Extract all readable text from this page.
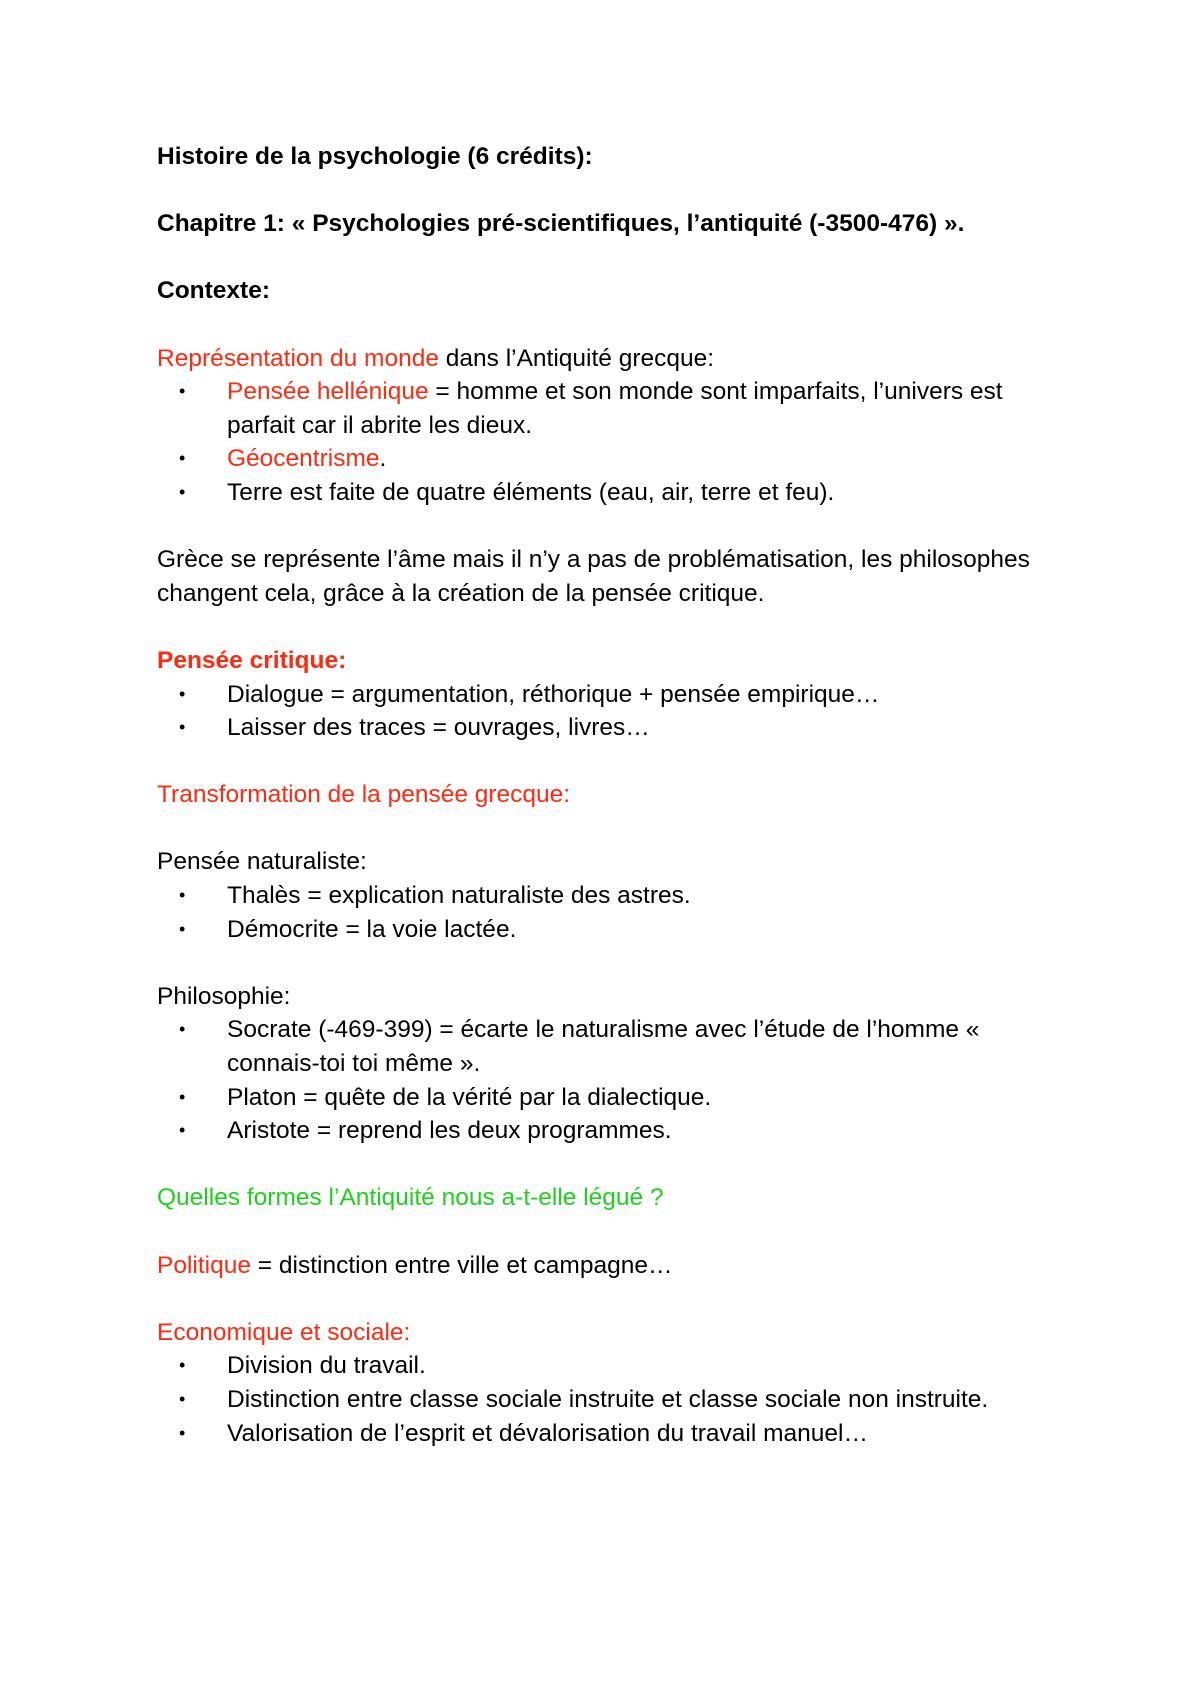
Histoire de la psychologie (6 crédits):

Chapitre 1: « Psychologies pré-scientifiques, l’antiquité (-3500-476) ».

Contexte:

Représentation du monde dans l’Antiquité grecque:

• Pensée hellénique = homme et son monde sont imparfaits, l’univers est parfait car il abrite les dieux.
• Géocentrisme.
• Terre est faite de quatre éléments (eau, air, terre et feu).

Grèce se représente l’âme mais il n’y a pas de problématisation, les philosophes changent cela, grâce à la création de la pensée critique.

Pensée critique:

• Dialogue = argumentation, réthorique + pensée empirique…
• Laisser des traces = ouvrages, livres…

Transformation de la pensée grecque:

Pensée naturaliste:

• Thalès = explication naturaliste des astres.
• Démocrite = la voie lactée.

Philosophie:

• Socrate (-469-399) = écarte le naturalisme avec l’étude de l’homme « connais-toi toi même ».
• Platon = quête de la vérité par la dialectique.
• Aristote = reprend les deux programmes.

Quelles formes l’Antiquité nous a-t-elle légué ?

Politique = distinction entre ville et campagne…

Economique et sociale:

• Division du travail.
• Distinction entre classe sociale instruite et classe sociale non instruite.
• Valorisation de l’esprit et dévalorisation du travail manuel…
